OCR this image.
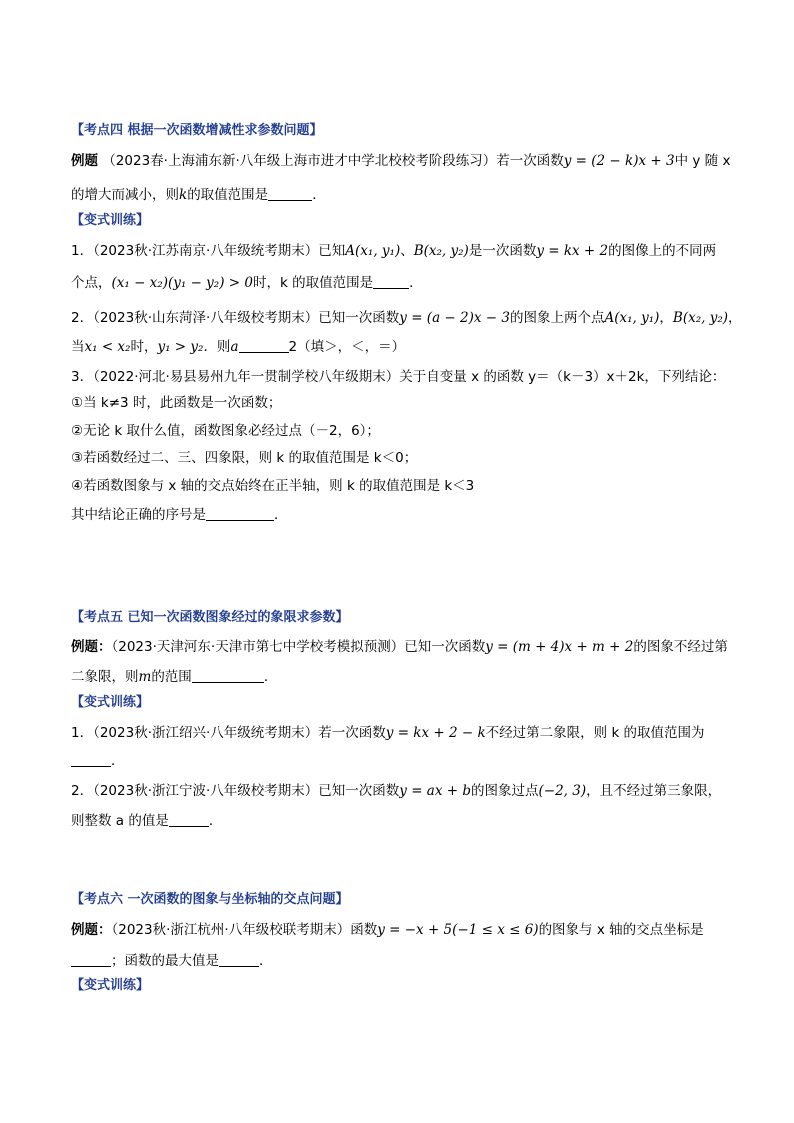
【考点四 根据一次函数增减性求参数问题】
例题 （2023春·上海浦东新·八年级上海市进才中学北校校考阶段练习）若一次函数y = (2 − k)x + 3中 y 随 x
的增大而减小，则k的取值范围是	．
【变式训练】
1．（2023秋·江苏南京·八年级统考期末）已知A(x₁, y₁)、B(x₂, y₂)是一次函数y = kx + 2的图像上的不同两
个点，(x₁ − x₂)(y₁ − y₂) > 0时，k 的取值范围是	．
2．（2023秋·山东菏泽·八年级校考期末）已知一次函数y = (a − 2)x − 3的图象上两个点A(x₁, y₁)，B(x₂, y₂)，
当x₁ < x₂时，y₁ > y₂．则a	2（填＞，＜，＝）
3．（2022·河北·易县易州九年一贯制学校八年级期末）关于自变量 x 的函数 y＝（k－3）x＋2k，下列结论：
①当 k≠3 时，此函数是一次函数；
②无论 k 取什么值，函数图象必经过点（－2，6）；
③若函数经过二、三、四象限，则 k 的取值范围是 k＜0；
④若函数图象与 x 轴的交点始终在正半轴，则 k 的取值范围是 k＜3
其中结论正确的序号是	．
【考点五 已知一次函数图象经过的象限求参数】
例题：（2023·天津河东·天津市第七中学校考模拟预测）已知一次函数y = (m + 4)x + m + 2的图象不经过第
二象限，则m的范围	．
【变式训练】
1．（2023秋·浙江绍兴·八年级统考期末）若一次函数y = kx + 2 − k不经过第二象限，则 k 的取值范围为
．
2．（2023秋·浙江宁波·八年级校考期末）已知一次函数y = ax + b的图象过点(−2, 3)，且不经过第三象限，
则整数 a 的值是	．
【考点六 一次函数的图象与坐标轴的交点问题】
例题：（2023秋·浙江杭州·八年级校联考期末）函数y = −x + 5(−1 ≤ x ≤ 6)的图象与 x 轴的交点坐标是
；函数的最大值是	．
【变式训练】
